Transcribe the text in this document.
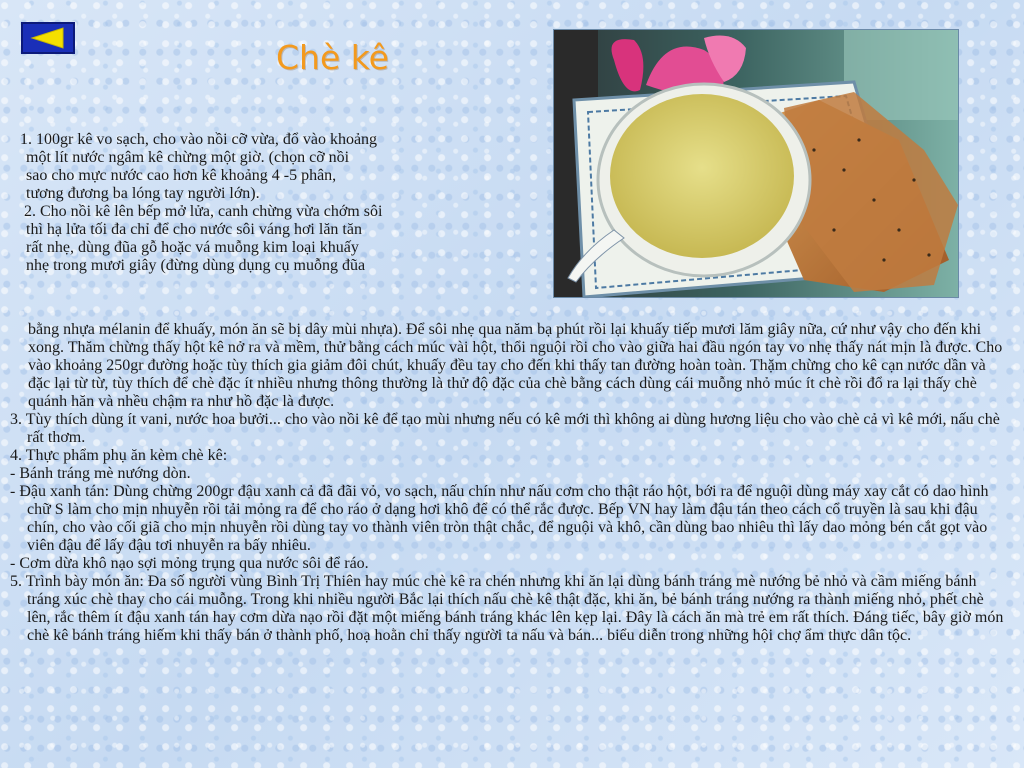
Chè kê
1. 100gr kê vo sạch, cho vào nồi cỡ vừa, đổ vào khoảng
một lít nước ngâm kê chừng một giờ. (chọn cỡ nồi
sao cho mực nước cao hơn kê khoảng 4 -5 phân,
tương đương ba lóng tay người lớn).
2. Cho nồi kê lên bếp mở lửa, canh chừng vừa chớm sôi
thì hạ lửa tối đa chỉ để cho nước sôi váng hơi lăn tăn
rất nhẹ, dùng đũa gỗ hoặc vá muỗng kim loại khuấy
nhẹ trong mươi giây (đừng dùng dụng cụ muỗng đũa

bằng nhựa mélanin để khuấy, món ăn sẽ bị dây mùi nhựa). Để sôi nhẹ qua năm bạ phút rồi lại khuấy tiếp mươi lăm giây nữa, cứ như vậy cho đến khi xong. Thăm chừng thấy hột kê nở ra và mềm, thử bằng cách múc vài hột, thổi nguội rồi cho vào giữa hai đầu ngón tay vo nhẹ thấy nát mịn là được. Cho vào khoảng 250gr đường hoặc tùy thích gia giảm đôi chút, khuấy đều tay cho đến khi thấy tan đường hoàn toàn. Thặm chừng cho kê cạn nước dần và đặc lại từ từ, tùy thích để chè đặc ít nhiều nhưng thông thường là thử độ đặc của chè bằng cách dùng cái muỗng nhỏ múc ít chè rồi đổ ra lại thấy chè quánh hăn và nhều chậm ra như hồ đặc là được.

3. Tùy thích dùng ít vani, nước hoa bưởi... cho vào nồi kê để tạo mùi nhưng nếu có kê mới thì không ai dùng hương liệu cho vào chè cả vì kê mới, nấu chè rất thơm.

4. Thực phẩm phụ ăn kèm chè kê:

- Bánh tráng mè nướng dòn.

- Đậu xanh tán: Dùng chừng 200gr đậu xanh cả đã đãi vỏ, vo sạch, nấu chín như nấu cơm cho thật ráo hột, bới ra để nguội dùng máy xay cắt có dao hình chữ S làm cho mịn nhuyễn rồi tải mỏng ra để cho ráo ở dạng hơi khô để có thể rắc được. Bếp VN hay làm đậu tán theo cách cổ truyền là sau khi đậu chín, cho vào cối giã cho mịn nhuyễn rồi dùng tay vo thành viên tròn thật chắc, để nguội và khô, cần dùng bao nhiêu thì lấy dao mỏng bén cắt gọt vào viên đậu để lấy đậu tơi nhuyễn ra bấy nhiêu.

- Cơm dừa khô nạo sợi mỏng trụng qua nước sôi để ráo.

5. Trình bày món ăn: Đa số người vùng Bình Trị Thiên hay múc chè kê ra chén nhưng khi ăn lại dùng bánh tráng mè nướng bẻ nhỏ và cầm miếng bánh tráng xúc chè thay cho cái muỗng. Trong khi nhiều người Bắc lại thích nấu chè kê thật đặc, khi ăn, bẻ bánh tráng nướng ra thành miếng nhỏ, phết chè lên, rắc thêm ít đậu xanh tán hay cơm dừa nạo rồi đặt một miếng bánh tráng khác lên kẹp lại. Đây là cách ăn mà trẻ em rất thích. Đáng tiếc, bây giờ món chè kê bánh tráng hiếm khi thấy bán ở thành phố, hoạ hoằn chỉ thấy người ta nấu và bán... biểu diễn trong những hội chợ ẩm thực dân tộc.
